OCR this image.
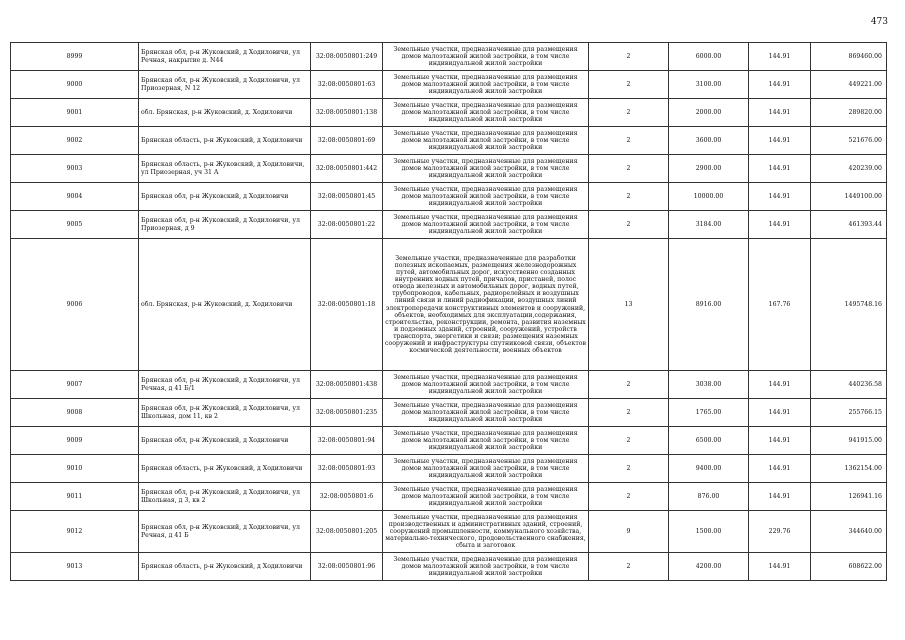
473
8999	Брянская обл, р-н Жуковский, д Ходиловичи, ул Речная, накрытие д. N44	32:08:0050801:249	Земельные участки, предназначенные для размещения домов малоэтажной жилой застройки, в том числе индивидуальной жилой застройки	2	6000.00	144.91	869460.00
9000	Брянская обл, р-н Жуковский, д Ходиловичи, ул Приозерная, N 12	32:08:0050801:63	Земельные участки, предназначенные для размещения домов малоэтажной жилой застройки, в том числе индивидуальной жилой застройки	2	3100.00	144.91	449221.00
9001	обл. Брянская, р-н Жуковский, д. Ходиловичи	32:08:0050801:138	Земельные участки, предназначенные для размещения домов малоэтажной жилой застройки, в том числе индивидуальной жилой застройки	2	2000.00	144.91	289820.00
9002	Брянская область, р-н Жуковский, д Ходиловичи	32:08:0050801:69	Земельные участки, предназначенные для размещения домов малоэтажной жилой застройки, в том числе индивидуальной жилой застройки	2	3600.00	144.91	521676.00
9003	Брянская область, р-н Жуковский, д Ходиловичи, ул Приозерная, уч 31 А	32:08:0050801:442	Земельные участки, предназначенные для размещения домов малоэтажной жилой застройки, в том числе индивидуальной жилой застройки	2	2900.00	144.91	420239.00
9004	Брянская обл, р-н Жуковский, д Ходиловичи	32:08:0050801:45	Земельные участки, предназначенные для размещения домов малоэтажной жилой застройки, в том числе индивидуальной жилой застройки	2	10000.00	144.91	1449100.00
9005	Брянская обл, р-н Жуковский, д Ходиловичи, ул Приозерная, д 9	32:08:0050801:22	Земельные участки, предназначенные для размещения домов малоэтажной жилой застройки, в том числе индивидуальной жилой застройки	2	3184.00	144.91	461393.44
9006	обл. Брянская, р-н Жуковский, д. Ходиловичи	32:08:0050801:18	Земельные участки, предназначенные для разработки полезных ископаемых, размещения железнодорожных путей, автомобильных дорог, искусственно созданных внутренних водных путей, причалов, пристаней, полос отвода железных и автомобильных дорог, водных путей, трубопроводов, кабельных, радиорелейных и воздушных линий связи и линий радиофикации, воздушных линий электропередачи конструктивных элементов и сооружений, объектов, необходимых для эксплуатации,содержания, строительства, реконструкции, ремонта, развития наземных и подземных зданий, строений, сооружений, устройств транспорта, энергетики и связи; размещения наземных сооружений и инфраструктуры спутниковой связи, объектов космической деятельности, военных объектов	13	8916.00	167.76	1495748.16
9007	Брянская обл, р-н Жуковский, д Ходиловичи, ул Речная, д 41 Б/1	32:08:0050801:438	Земельные участки, предназначенные для размещения домов малоэтажной жилой застройки, в том числе индивидуальной жилой застройки	2	3038.00	144.91	440236.58
9008	Брянская обл, р-н Жуковский, д Ходиловичи, ул Школьная, дом 11, кв 2	32:08:0050801:235	Земельные участки, предназначенные для размещения домов малоэтажной жилой застройки, в том числе индивидуальной жилой застройки	2	1765.00	144.91	255766.15
9009	Брянская обл, р-н Жуковский, д Ходиловичи	32:08:0050801:94	Земельные участки, предназначенные для размещения домов малоэтажной жилой застройки, в том числе индивидуальной жилой застройки	2	6500.00	144.91	941915.00
9010	Брянская область, р-н Жуковский, д Ходиловичи	32:08:0050801:93	Земельные участки, предназначенные для размещения домов малоэтажной жилой застройки, в том числе индивидуальной жилой застройки	2	9400.00	144.91	1362154.00
9011	Брянская обл, р-н Жуковский, д Ходиловичи, ул Школьная, д 3, кв 2	32:08:0050801:6	Земельные участки, предназначенные для размещения домов малоэтажной жилой застройки, в том числе индивидуальной жилой застройки	2	876.00	144.91	126941.16
9012	Брянская обл, р-н Жуковский, д Ходиловичи, ул Речная, д 41 Б	32:08:0050801:205	Земельные участки, предназначенные для размещения производственных и административных зданий, строений, сооружений промышленности, коммунального хозяйства, материально-технического, продовольственного снабжения, сбыта и заготовок	9	1500.00	229.76	344640.00
9013	Брянская область, р-н Жуковский, д Ходиловичи	32:08:0050801:96	Земельные участки, предназначенные для размещения домов малоэтажной жилой застройки, в том числе индивидуальной жилой застройки	2	4200.00	144.91	608622.00
